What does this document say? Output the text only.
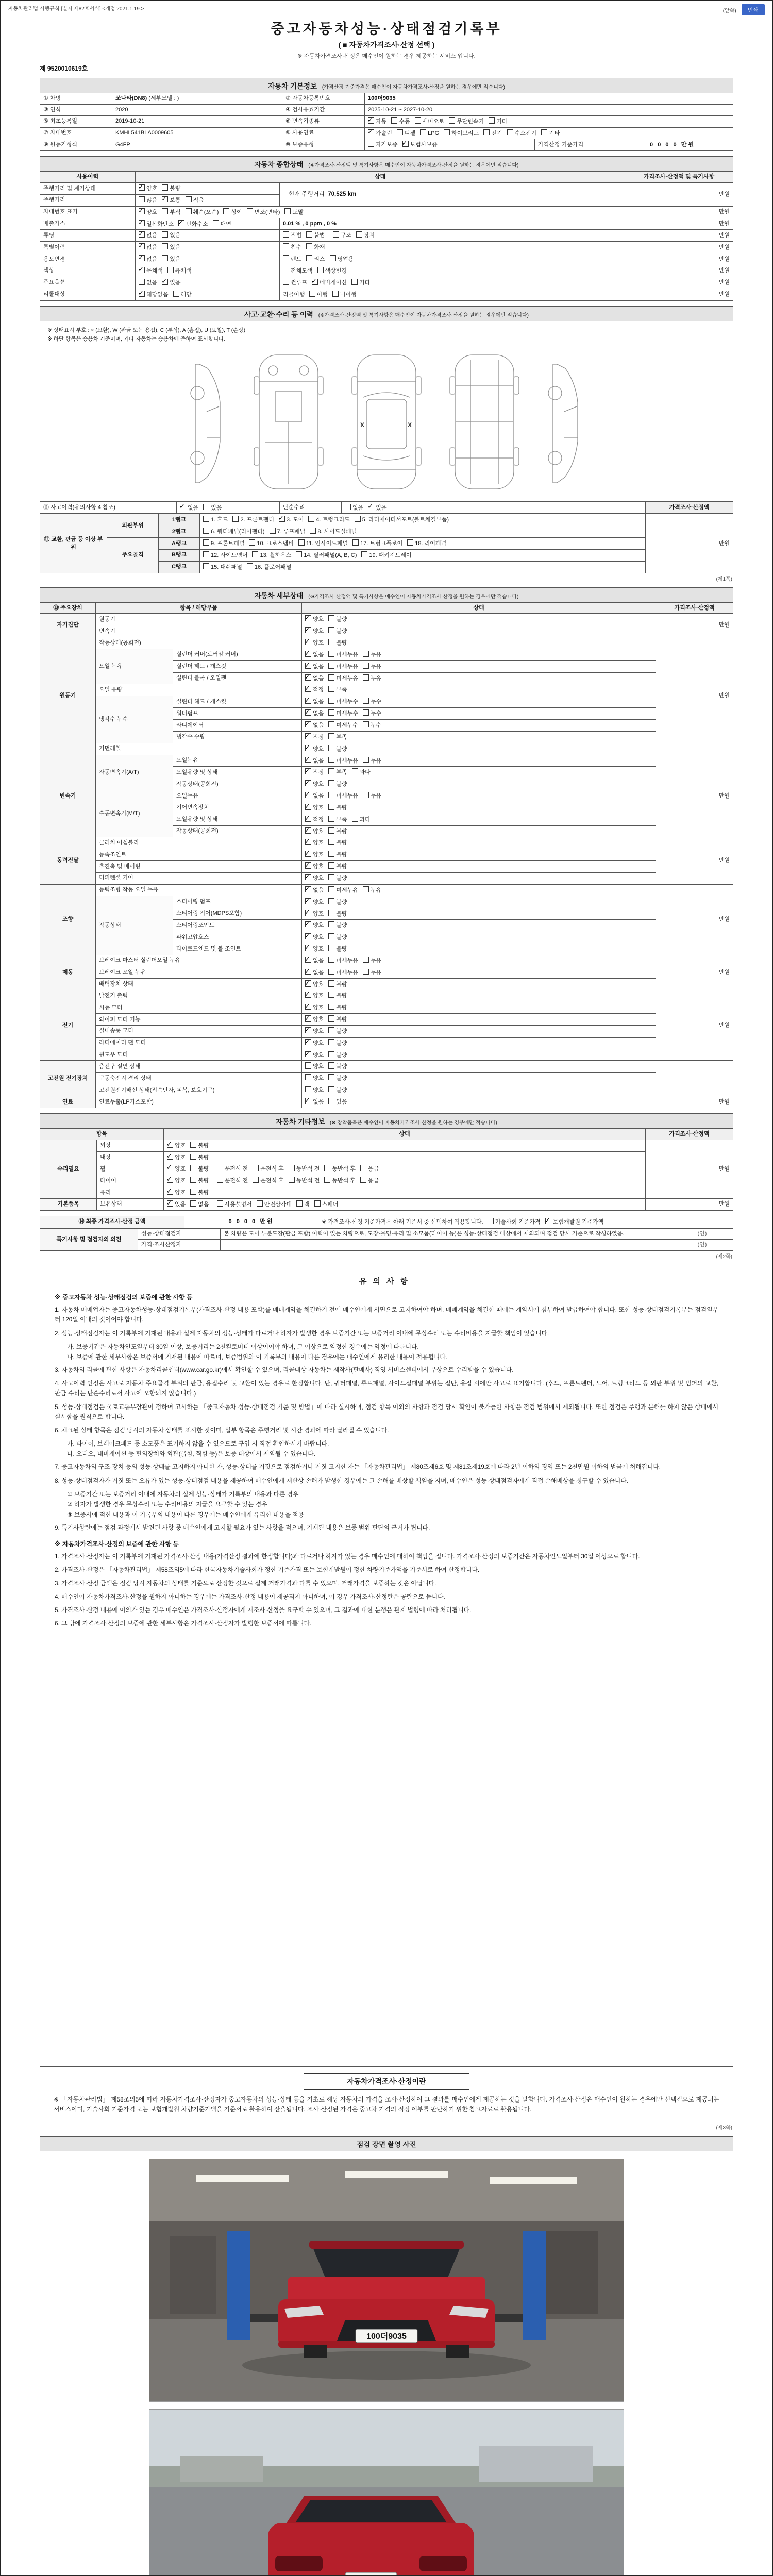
자동차관리법 시행규칙 [별지 제82호서식] <개정 2021.1.19.>	(앞쪽)	인쇄
중고자동차성능·상태점검기록부
( ■ 자동차가격조사·산정 선택 )
※ 자동차가격조사·산정은 매수인이 원하는 경우 제공하는 서비스 입니다.
제 9520010619호
자동차 기본정보 (가격산정 기준가격은 매수인이 자동차가격조사·산정을 원하는 경우에만 적습니다)
① 차명	쏘나타(DN8) (세부모델 : )	② 자동차등록번호	100더9035		
③ 연식	2020	④ 검사유효기간	2025-10-21 ~ 2027-10-20		
⑤ 최초등록일	2019-10-21	⑥ 변속기종류	✓자동 수동 세미오토 무단변속기 기타
⑦ 차대번호	KMHL541BLA0009605	⑧ 사용연료	✓가솔린 디젤 LPG 하이브리드 전기 수소전기 기타
⑨ 원동기형식	G4FP	⑩ 보증유형	자가보증 ✓ 보험사보증	가격산정 기준가격	0 0 0 0 만원
자동차 종합상태 (※가격조사·산정액 및 특기사항은 매수인이 자동차가격조사·산정을 원하는 경우에만 적습니다)
사용이력	상태		가격조사·산정액 및 특기사항
주행거리 및 계기상태	✓양호 불량	현재 주행거리 70,525 km	만원
주행거리	많음 ✓ 보통 적음
차대번호 표기	✓양호 부식 훼손(오손) 상이 변조(변타) 도말		만원
배출가스	✓일산화탄소 ✓ 탄화수소 매연	0.01 % , 0 ppm , 0 %	만원
튜닝	✓없음 있음	적법 불법 구조 장치	만원
특별이력	✓없음 있음	침수 화재	만원
용도변경	✓없음 있음	렌트 리스 영업용	만원
색상	✓무채색 유채색	전체도색 색상변경	만원
주요옵션	없음 ✓ 있음	썬루프 ✓ 네비게이션 기타	만원
리콜대상	✓해당없음 해당	리콜이행 이행 미이행	만원
사고·교환·수리 등 이력 (※가격조사·산정액 및 특기사항은 매수인이 자동차가격조사·산정을 원하는 경우에만 적습니다)
※ 상태표시 부호 : × (교환), W (판금 또는 용접), C (부식), A (흠집), U (요철), T (손상)
※ 하단 항목은 승용차 기준이며, 기타 자동차는 승용차에 준하여 표시합니다.
X	X
⑪ 사고이력(유의사항 4 참조)	✓없음 있음	단순수리	없음 ✓ 있음	가격조사·산정액
⑫ 교환, 판금 등 이상 부위	외판부위	1랭크	1. 후드 2. 프론트펜더 ✓ 3. 도어 4. 트렁크리드 5. 라디에이터서포트(볼트체결부품)	만원
		2랭크	6. 쿼터패널(리어펜더) 7. 루프패널 8. 사이드실패널	
	주요골격	A랭크	9. 프론트패널 10. 크로스멤버 11. 인사이드패널 17. 트렁크플로어 18. 리어패널	
		B랭크	12. 사이드멤버 13. 휠하우스 14. 필러패널(A, B, C) 19. 패키지트레이	
		C랭크	15. 대쉬패널 16. 플로어패널	
(제1쪽)
자동차 세부상태 (※가격조사·산정액 및 특기사항은 매수인이 자동차가격조사·산정을 원하는 경우에만 적습니다)
⑬ 주요장치	항목 / 해당부품		상태	가격조사·산정액
자기진단	원동기	✓양호 불량	만원
	변속기	✓양호 불량
원동기	작동상태(공회전)	✓양호 불량	만원
	오일 누유	실린더 커버(로커암 커버)	✓없음 미세누유 누유
		실린더 헤드 / 개스킷	✓없음 미세누유 누유
		실린더 블록 / 오일팬	✓없음 미세누유 누유
	오일 유량	✓적정 부족
	냉각수 누수	실린더 헤드 / 개스킷	✓없음 미세누수 누수
		워터펌프	✓없음 미세누수 누수
		라디에이터	✓없음 미세누수 누수
		냉각수 수량	✓적정 부족
	커먼레일	✓양호 불량
변속기	자동변속기(A/T)	오일누유	✓없음 미세누유 누유	만원
		오일유량 및 상태	✓적정 부족 과다
		작동상태(공회전)	✓양호 불량
	수동변속기(M/T)	오일누유	✓없음 미세누유 누유
		기어변속장치	✓양호 불량
		오일유량 및 상태	✓적정 부족 과다
		작동상태(공회전)	✓양호 불량
동력전달	클러치 어셈블리	✓양호 불량	만원
	등속조인트	✓양호 불량
	추진축 및 베어링	✓양호 불량
	디퍼렌셜 기어	✓양호 불량
조향	동력조향 작동 오일 누유	✓없음 미세누유 누유	만원
	작동상태	스티어링 펌프	✓양호 불량
		스티어링 기어(MDPS포함)	✓양호 불량
		스티어링조인트	✓양호 불량
		파워고압호스	✓양호 불량
		타이로드엔드 및 볼 조인트	✓양호 불량
제동	브레이크 마스터 실린더오일 누유	✓없음 미세누유 누유	만원
	브레이크 오일 누유	✓없음 미세누유 누유
	배력장치 상태	✓양호 불량
전기	발전기 출력	✓양호 불량	만원
	시동 모터	✓양호 불량
	와이퍼 모터 기능	✓양호 불량
	실내송풍 모터	✓양호 불량
	라디에이터 팬 모터	✓양호 불량
	윈도우 모터	✓양호 불량
고전원 전기장치	충전구 절연 상태		양호 불량	
	구동축전지 격리 상태		양호 불량	
	고전원전기배선 상태(접속단자, 피복, 보호기구)		양호 불량	
연료	연료누출(LP가스포함)	✓없음 있음	만원
자동차 기타정보 (※ 장착품목은 매수인이 자동차가격조사·산정을 원하는 경우에만 적습니다)
항목		상태	가격조사·산정액
수리필요	외장	✓양호 불량	만원
	내장	✓양호 불량
	휠	✓양호 불량 운전석 전 운전석 후 동반석 전 동반석 후 응급
	타이어	✓양호 불량 운전석 전 운전석 후 동반석 전 동반석 후 응급
	유리	✓양호 불량
기본품목	보유상태	✓있음 없음 사용설명서 안전삼각대 잭 스패너	만원
⑭ 최종 가격조사·산정 금액	0 0 0 0 만원	※ 가격조사·산정 기준가격은 아래 기준서 중 선택하여 적용합니다. 기술사회 기준가격 ✓ 보험개발원 기준가액
특기사항 및 점검자의 의견	성능·상태점검자	본 차량은 도어 부분도장(판금 포함) 이력이 있는 차량으로, 도장·몰딩·유리 및 소모품(타이어 등)은 성능·상태점검 대상에서 제외되며 점검 당시 기준으로 작성하였음.	(인)
	가격·조사산정자		(인)
(제2쪽)
유의사항
※ 중고자동차 성능·상태점검의 보증에 관한 사항 등
1. 자동차 매매업자는 중고자동차성능·상태점검기록부(가격조사·산정 내용 포함)를 매매계약을 체결하기 전에 매수인에게 서면으로 고지하여야 하며, 매매계약을 체결한 때에는 계약서에 첨부하여 발급하여야 합니다. 또한 성능·상태점검기록부는 점검일부터 120일 이내의 것이어야 합니다.
2. 성능·상태점검자는 이 기록부에 기재된 내용과 실제 자동차의 성능·상태가 다르거나 하자가 발생한 경우 보증기간 또는 보증거리 이내에 무상수리 또는 수리비용을 지급할 책임이 있습니다.
가. 보증기간은 자동차인도일부터 30일 이상, 보증거리는 2천킬로미터 이상이어야 하며, 그 이상으로 약정한 경우에는 약정에 따릅니다.
나. 보증에 관한 세부사항은 보증서에 기재된 내용에 따르며, 보증범위와 이 기록부의 내용이 다른 경우에는 매수인에게 유리한 내용이 적용됩니다.
3. 자동차의 리콜에 관한 사항은 자동차리콜센터(www.car.go.kr)에서 확인할 수 있으며, 리콜대상 자동차는 제작사(판매사) 직영 서비스센터에서 무상으로 수리받을 수 있습니다.
4. 사고이력 인정은 사고로 자동차 주요골격 부위의 판금, 용접수리 및 교환이 있는 경우로 한정합니다. 단, 쿼터패널, 루프패널, 사이드실패널 부위는 절단, 용접 시에만 사고로 표기합니다. (후드, 프론트펜더, 도어, 트렁크리드 등 외판 부위 및 범퍼의 교환, 판금 수리는 단순수리로서 사고에 포함되지 않습니다.)
5. 성능·상태점검은 국토교통부장관이 정하여 고시하는 「중고자동차 성능·상태점검 기준 및 방법」에 따라 실시하며, 점검 항목 이외의 사항과 점검 당시 확인이 불가능한 사항은 점검 범위에서 제외됩니다. 또한 점검은 주행과 분해를 하지 않은 상태에서 실시함을 원칙으로 합니다.
6. 체크된 상태 항목은 점검 당시의 자동차 상태를 표시한 것이며, 일부 항목은 주행거리 및 시간 경과에 따라 달라질 수 있습니다.
가. 타이어, 브레이크패드 등 소모품은 표기하지 않을 수 있으므로 구입 시 직접 확인하시기 바랍니다.
나. 오디오, 내비게이션 등 편의장치와 외관(긁힘, 찍힘 등)은 보증 대상에서 제외될 수 있습니다.
7. 중고자동차의 구조·장치 등의 성능·상태를 고지하지 아니한 자, 성능·상태를 거짓으로 점검하거나 거짓 고지한 자는 「자동차관리법」 제80조제6호 및 제81조제19호에 따라 2년 이하의 징역 또는 2천만원 이하의 벌금에 처해집니다.
8. 성능·상태점검자가 거짓 또는 오류가 있는 성능·상태점검 내용을 제공하여 매수인에게 재산상 손해가 발생한 경우에는 그 손해를 배상할 책임을 지며, 매수인은 성능·상태점검자에게 직접 손해배상을 청구할 수 있습니다.
① 보증기간 또는 보증거리 이내에 자동차의 실제 성능·상태가 기록부의 내용과 다른 경우
② 하자가 발생한 경우 무상수리 또는 수리비용의 지급을 요구할 수 있는 경우
③ 보증서에 적힌 내용과 이 기록부의 내용이 다른 경우에는 매수인에게 유리한 내용을 적용
9. 특기사항란에는 점검 과정에서 발견된 사항 중 매수인에게 고지할 필요가 있는 사항을 적으며, 기재된 내용은 보증 범위 판단의 근거가 됩니다.
※ 자동차가격조사·산정의 보증에 관한 사항 등
1. 가격조사·산정자는 이 기록부에 기재된 가격조사·산정 내용(가격산정 결과에 한정합니다)과 다르거나 하자가 있는 경우 매수인에 대하여 책임을 집니다. 가격조사·산정의 보증기간은 자동차인도일부터 30일 이상으로 합니다.
2. 가격조사·산정은 「자동차관리법」 제58조의5에 따라 한국자동차기술사회가 정한 기준가격 또는 보험개발원이 정한 차량기준가액을 기준서로 하여 산정합니다.
3. 가격조사·산정 금액은 점검 당시 자동차의 상태를 기준으로 산정한 것으로 실제 거래가격과 다를 수 있으며, 거래가격을 보증하는 것은 아닙니다.
4. 매수인이 자동차가격조사·산정을 원하지 아니하는 경우에는 가격조사·산정 내용이 제공되지 아니하며, 이 경우 가격조사·산정란은 공란으로 둡니다.
5. 가격조사·산정 내용에 이의가 있는 경우 매수인은 가격조사·산정자에게 재조사·산정을 요구할 수 있으며, 그 결과에 대한 분쟁은 관계 법령에 따라 처리됩니다.
6. 그 밖에 가격조사·산정의 보증에 관한 세부사항은 가격조사·산정자가 발행한 보증서에 따릅니다.
자동차가격조사·산정이란
※ 「자동차관리법」 제58조의5에 따라 자동차가격조사·산정자가 중고자동차의 성능·상태 등을 기초로 해당 자동차의 가격을 조사·산정하여 그 결과를 매수인에게 제공하는 것을 말합니다. 가격조사·산정은 매수인이 원하는 경우에만 선택적으로 제공되는 서비스이며, 기술사회 기준가격 또는 보험개발원 차량기준가액을 기준서로 활용하여 산출됩니다. 조사·산정된 가격은 중고차 가격의 적정 여부를 판단하기 위한 참고자료로 활용됩니다.
(제3쪽)
점검 장면 촬영 사진
100더9035
